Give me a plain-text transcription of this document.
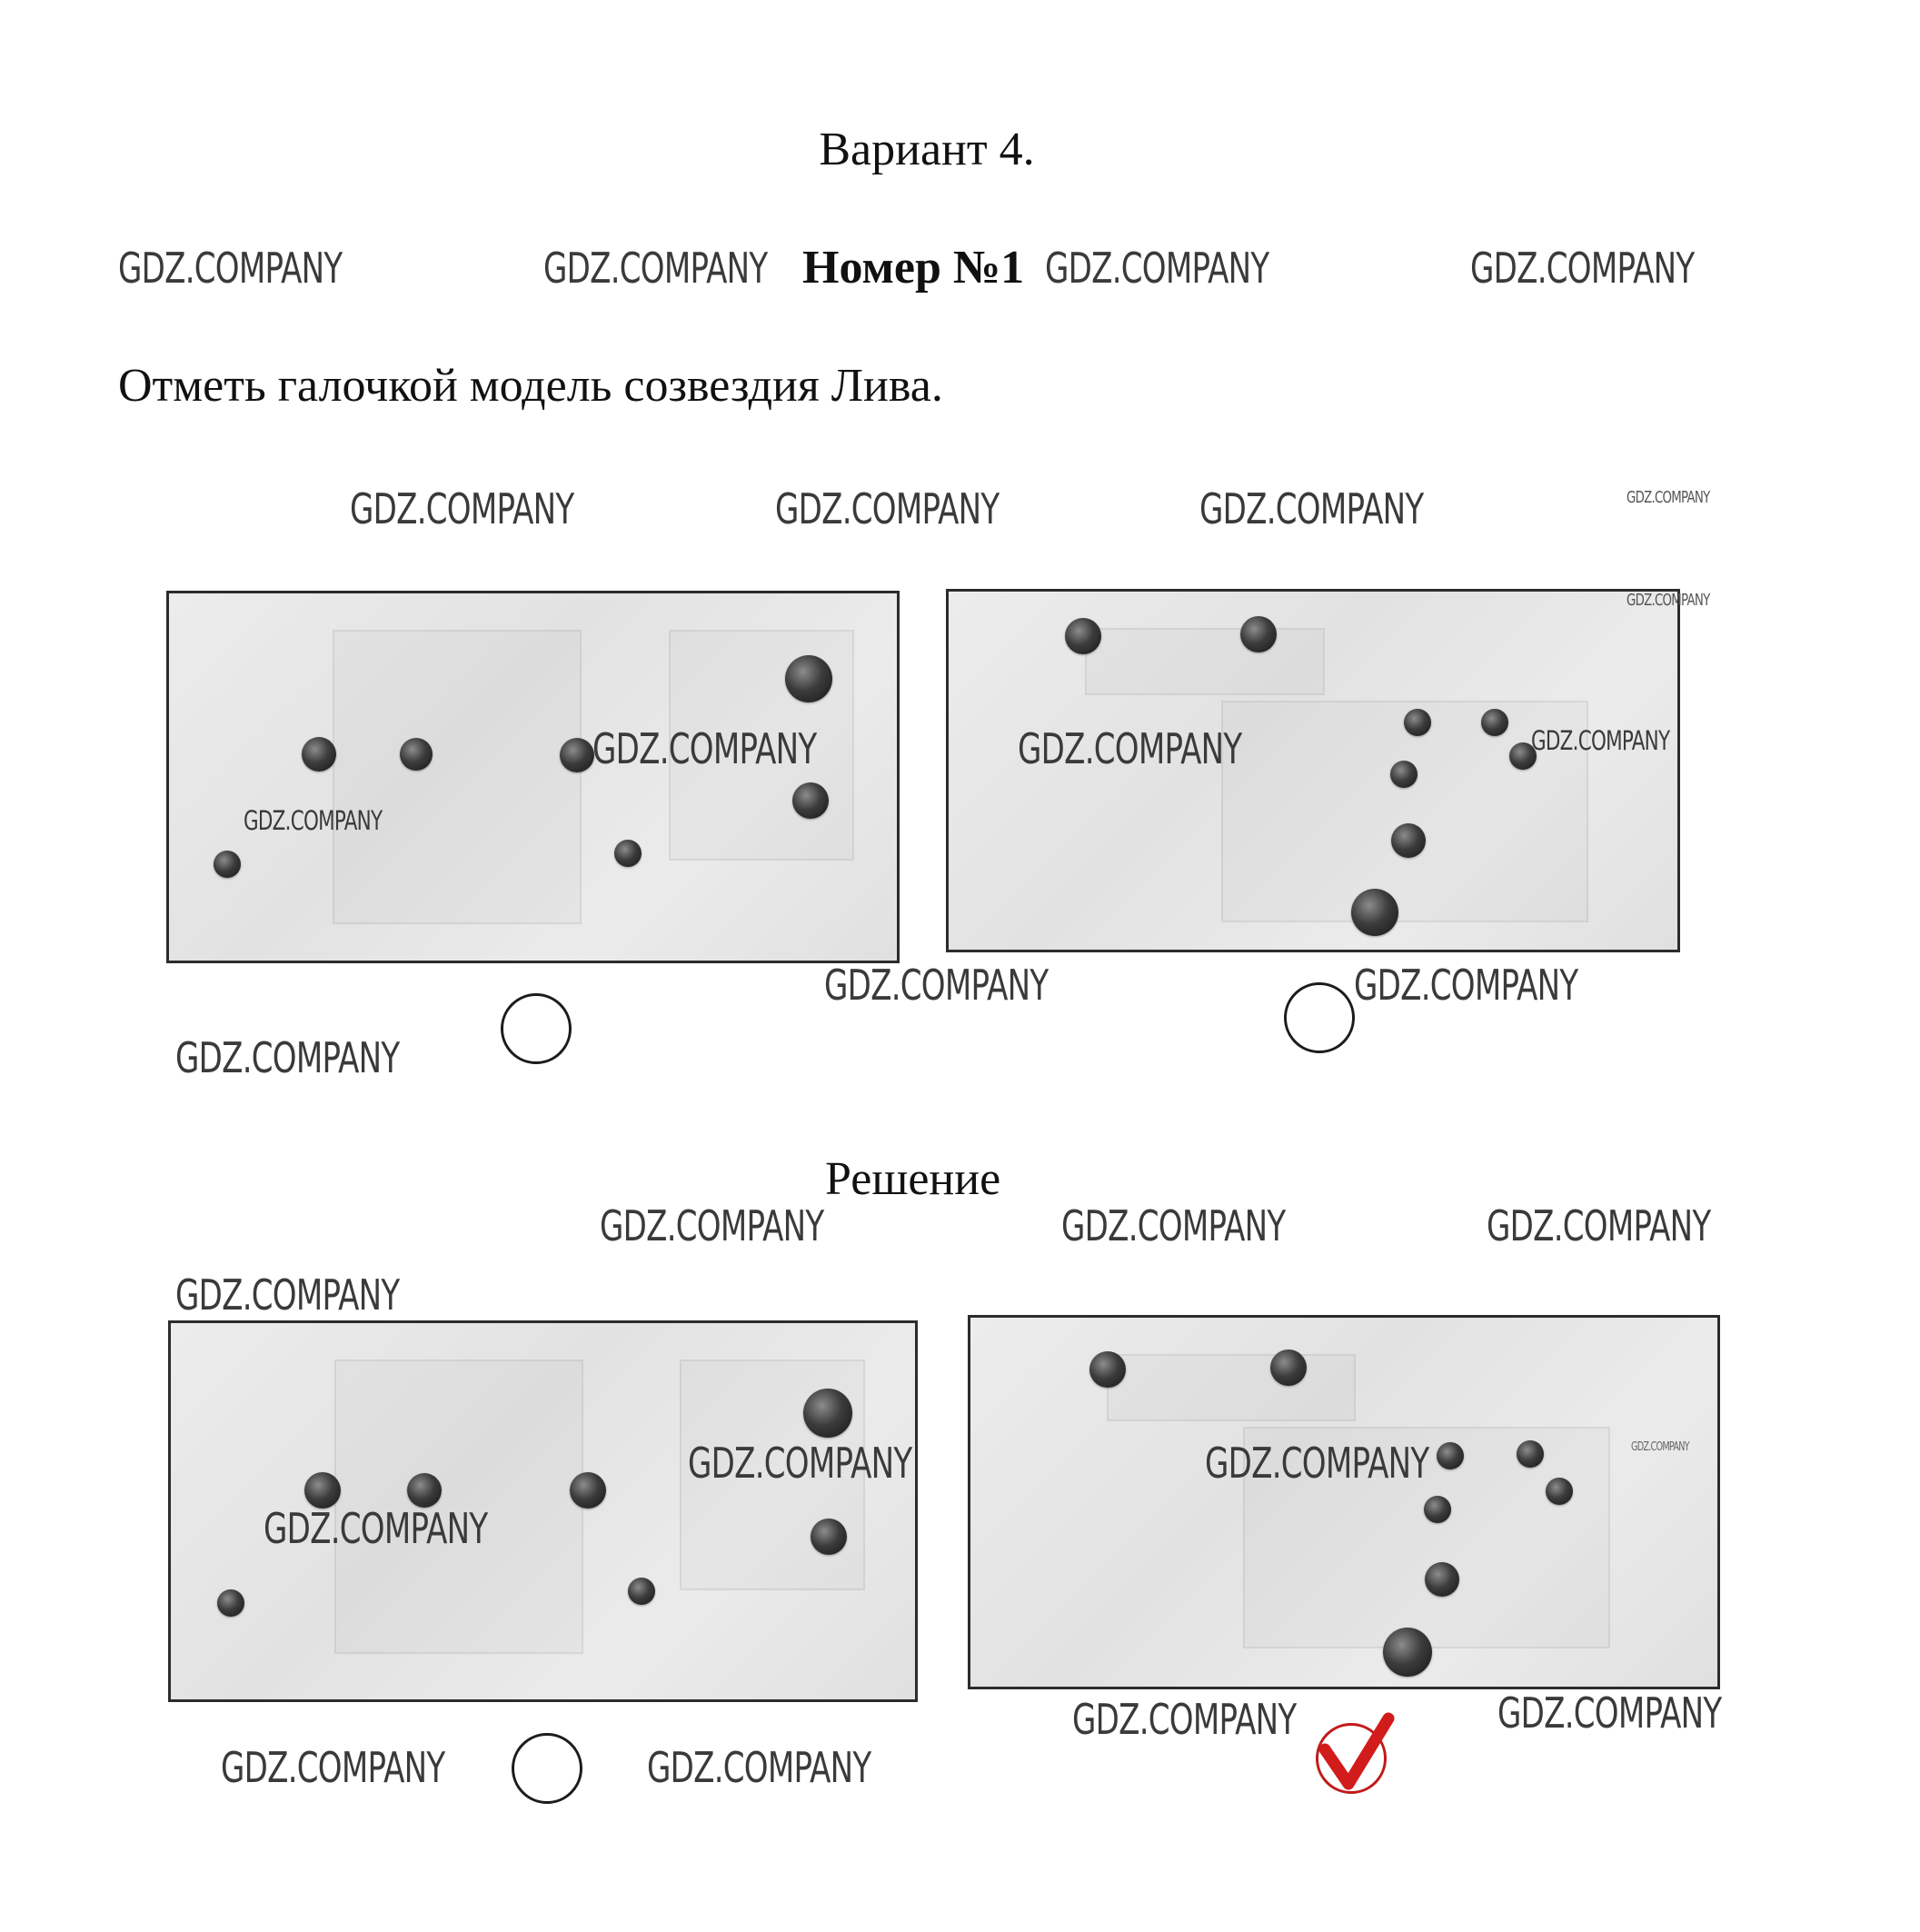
Вариант 4.
Номер №1
Отметь галочкой модель созвездия Лива.
Решение
GDZ.COMPANY	GDZ.COMPANY	GDZ.COMPANY	GDZ.COMPANY
GDZ.COMPANY	GDZ.COMPANY	GDZ.COMPANY	GDZ.COMPANY
GDZ.COMPANY
GDZ.COMPANY
GDZ.COMPANY
GDZ.COMPANY	GDZ.COMPANY
GDZ.COMPANY	GDZ.COMPANY
GDZ.COMPANY
GDZ.COMPANY	GDZ.COMPANY	GDZ.COMPANY
GDZ.COMPANY
GDZ.COMPANY	GDZ.COMPANY	GDZ.COMPANY
GDZ.COMPANY
GDZ.COMPANY	GDZ.COMPANY
GDZ.COMPANY	GDZ.COMPANY
